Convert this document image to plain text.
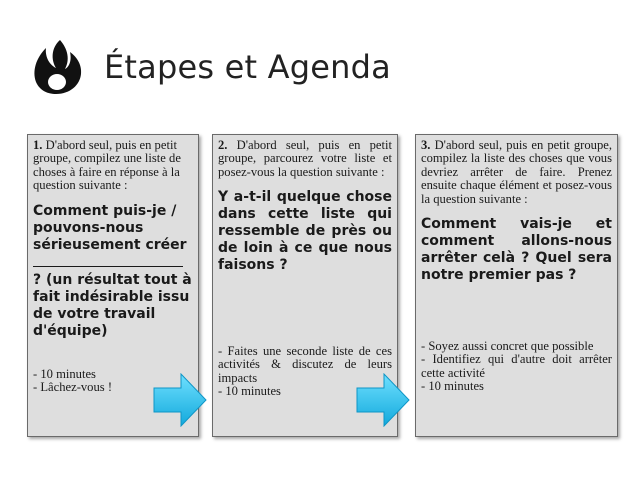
Étapes et Agenda
1. D'abord seul, puis en petit groupe, compilez une liste de choses à faire en réponse à la question suivante :
Comment puis-je / pouvons-nous sérieusement créer  ? (un résultat tout à fait indésirable issu de votre travail d'équipe)
- 10 minutes
- Lâchez-vous !
2. D'abord seul, puis en petit groupe, parcourez votre liste et posez-vous la question suivante :
Y a-t-il quelque chose dans cette liste qui ressemble de près ou de loin à ce que nous faisons ?
- Faites une seconde liste de ces activités & discutez de leurs impacts
- 10 minutes
3. D'abord seul, puis en petit groupe, compilez la liste des choses que vous devriez arrêter de faire. Prenez ensuite chaque élément et posez-vous la question suivante :
Comment vais-je et comment allons-nous arrêter celà ? Quel sera notre premier pas ?
- Soyez aussi concret que possible
- Identifiez qui d'autre doit arrêter cette activité
- 10 minutes
